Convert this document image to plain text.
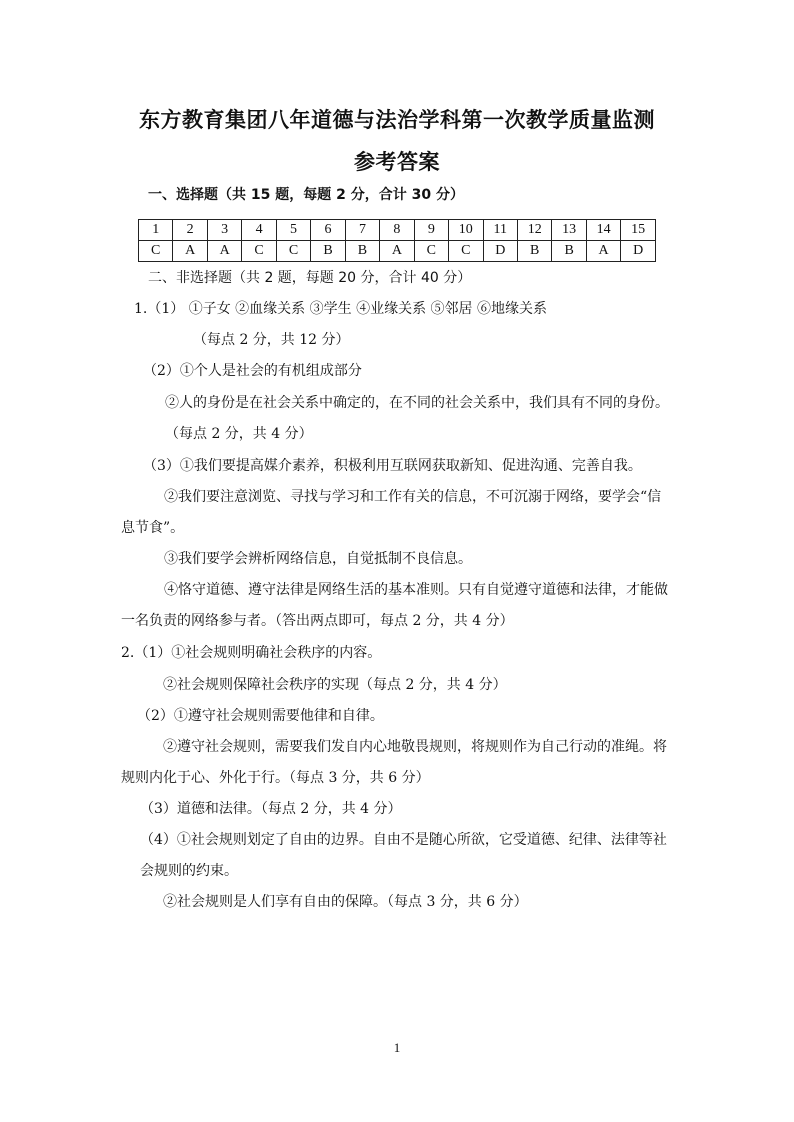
东方教育集团八年道德与法治学科第一次教学质量监测
参考答案
一、选择题（共 15 题，每题 2 分，合计 30 分）
1	2	3	4	5	6	7	8	9	10	11	12	13	14	15
C	A	A	C	C	B	B	A	C	C	D	B	B	A	D
二、非选择题（共 2 题，每题 20 分，合计 40 分）
1.（1） ①子女 ②血缘关系 ③学生 ④业缘关系 ⑤邻居 ⑥地缘关系
（每点 2 分，共 12 分）
（2）①个人是社会的有机组成部分
②人的身份是在社会关系中确定的，在不同的社会关系中，我们具有不同的身份。
（每点 2 分，共 4 分）
（3）①我们要提高媒介素养，积极利用互联网获取新知、促进沟通、完善自我。
②我们要注意浏览、寻找与学习和工作有关的信息，不可沉溺于网络，要学会“信
息节食”。
③我们要学会辨析网络信息，自觉抵制不良信息。
④恪守道德、遵守法律是网络生活的基本准则。只有自觉遵守道德和法律，才能做
一名负责的网络参与者。（答出两点即可，每点 2 分，共 4 分）
2.（1）①社会规则明确社会秩序的内容。
②社会规则保障社会秩序的实现（每点 2 分，共 4 分）
（2）①遵守社会规则需要他律和自律。
②遵守社会规则，需要我们发自内心地敬畏规则，将规则作为自己行动的准绳。将
规则内化于心、外化于行。（每点 3 分，共 6 分）
（3）道德和法律。（每点 2 分，共 4 分）
（4）①社会规则划定了自由的边界。自由不是随心所欲，它受道德、纪律、法律等社
会规则的约束。
②社会规则是人们享有自由的保障。（每点 3 分，共 6 分）
1
